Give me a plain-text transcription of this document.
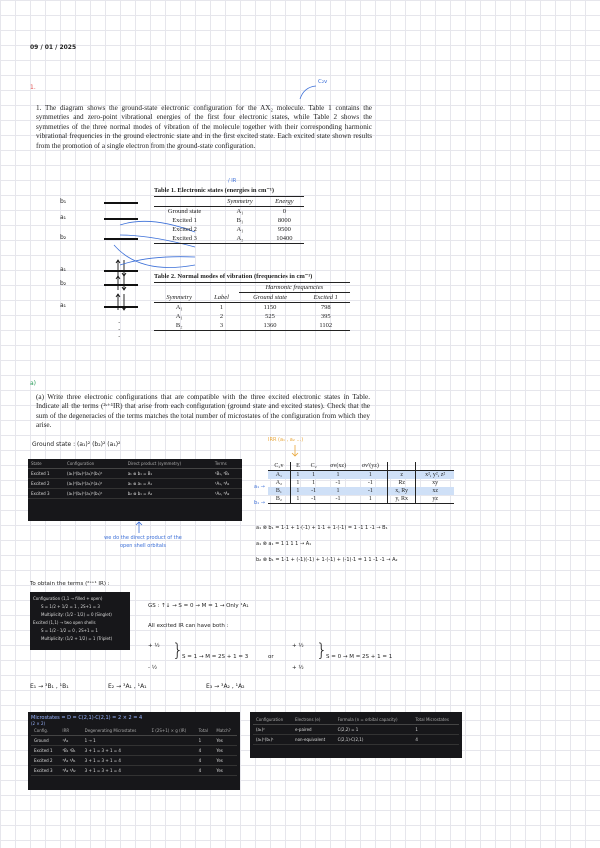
09 / 01 / 2025
1.
C₂v
1. The diagram shows the ground-state electronic configuration for the AX₂ molecule. Table 1 contains the symmetries and zero-point vibrational energies of the first four electronic states, while Table 2 shows the symmetries of the three normal modes of vibration of the molecule together with their corresponding harmonic vibrational frequencies in the ground electronic state and in the first excited state. Each excited state shown results from the promotion of a single electron from the ground-state configuration.
b₁
a₁
b₂
a₁
b₂
a₁
·
·
·
/ IR
Table 1. Electronic states (energies in cm⁻¹)
	Symmetry	Energy
Ground state	A₁	0
Excited 1	B₁	8000
Excited 2	A₁	9500
Excited 3	A₂	10400
Table 2. Normal modes of vibration (frequencies in cm⁻¹)
		Harmonic frequencies	
Symmetry	Label	Ground state	Excited 1
A₁	1	1150	798
A₁	2	525	395
B₂	3	1360	1102
a)
(a) Write three electronic configurations that are compatible with the three excited electronic states in Table. Indicate all the terms (²ˢ⁺¹IR) that arise from each configuration (ground state and excited states). Check that the sum of the degeneracies of the terms matches the total number of microstates of the configuration from which they arise.
Ground state : (a₁)² (b₂)² (a₁)²
IRR (a₁ , a₂ ...)
State	Configuration	Direct product (symmetry)	Terms
Excited 1	(a₁)²(b₂)²(a₁)¹(b₁)¹	a₁ ⊗ b₁ = B₁	¹B₁, ³B₁
Excited 2	(a₁)²(b₂)²(a₁)¹(a₁)¹	a₁ ⊗ a₁ = A₁	¹A₁, ³A₁
Excited 3	(a₁)²(b₂)¹(a₁)²(b₁)¹	b₂ ⊗ b₁ = A₂	¹A₂, ³A₂
we do the direct product of the open shell orbitals
C₂v	E	C₂	σv(xz)	σv'(yz)		
A₁	1	1	1	1	z	x², y², z²
A₂	1	1	-1	-1	Rz	xy
B₁	1	-1	1	-1	x, Ry	xz
B₂	1	-1	-1	1	y, Rx	yz
a₁ →
b₁ →
a₁ ⊗ b₁ = 1·1 + 1·(-1) + 1·1 + 1·(-1) = 1 -1 1 -1 → B₁
a₁ ⊗ a₁ = 1 1 1 1 → A₁
b₂ ⊗ b₁ = 1·1 + (-1)(-1) + 1·(-1) + (-1)·1 = 1 1 -1 -1 → A₂
To obtain the terms (²ˢ⁺¹ IR) :
Configuration (1,1 → filled + open)
S = 1/2 + 1/2 = 1 , 2S+1 = 3
Multiplicity: (1/2 - 1/2) = 0 (Singlet)
Excited (1,1) → two open shells
S = 1/2 - 1/2 = 0 , 2S+1 = 1
Multiplicity: (1/2 + 1/2) = 1 (Triplet)
GS : ↑↓ → S = 0 → M = 1 → Only ¹A₁
All excited IR can have both :
+ ½
- ½
}
S = 1 → M = 2S + 1 = 3	or
+ ½
+ ½
}
S = 0 → M = 2S + 1 = 1
E₁ → ³B₁ , ¹B₁	E₂ → ³A₁ , ¹A₁	E₃ → ³A₂ , ¹A₂
Microstates = D = C(2,1)·C(2,1) = 2 × 2 = 4
(2 × 2)
Config.	IRR	Degenerating Microstates	Σ (2S+1) × g (IR)	Total	Match?
Ground	¹A₁	1 → 1		1	Yes
Excited 1	³B₁ ¹B₁	3 + 1 = 3 + 1 = 4		4	Yes
Excited 2	³A₁ ¹A₁	3 + 1 = 3 + 1 = 4		4	Yes
Excited 3	³A₂ ¹A₂	3 + 1 = 3 + 1 = 4		4	Yes
Configuration	Electrons (e)	Formula (n = orbital capacity)	Total Microstates
(a₁)²	e-paired	C(2,2) = 1	1
(a₁)¹(b₁)¹	non-equivalent	C(2,1)·C(2,1)	4
